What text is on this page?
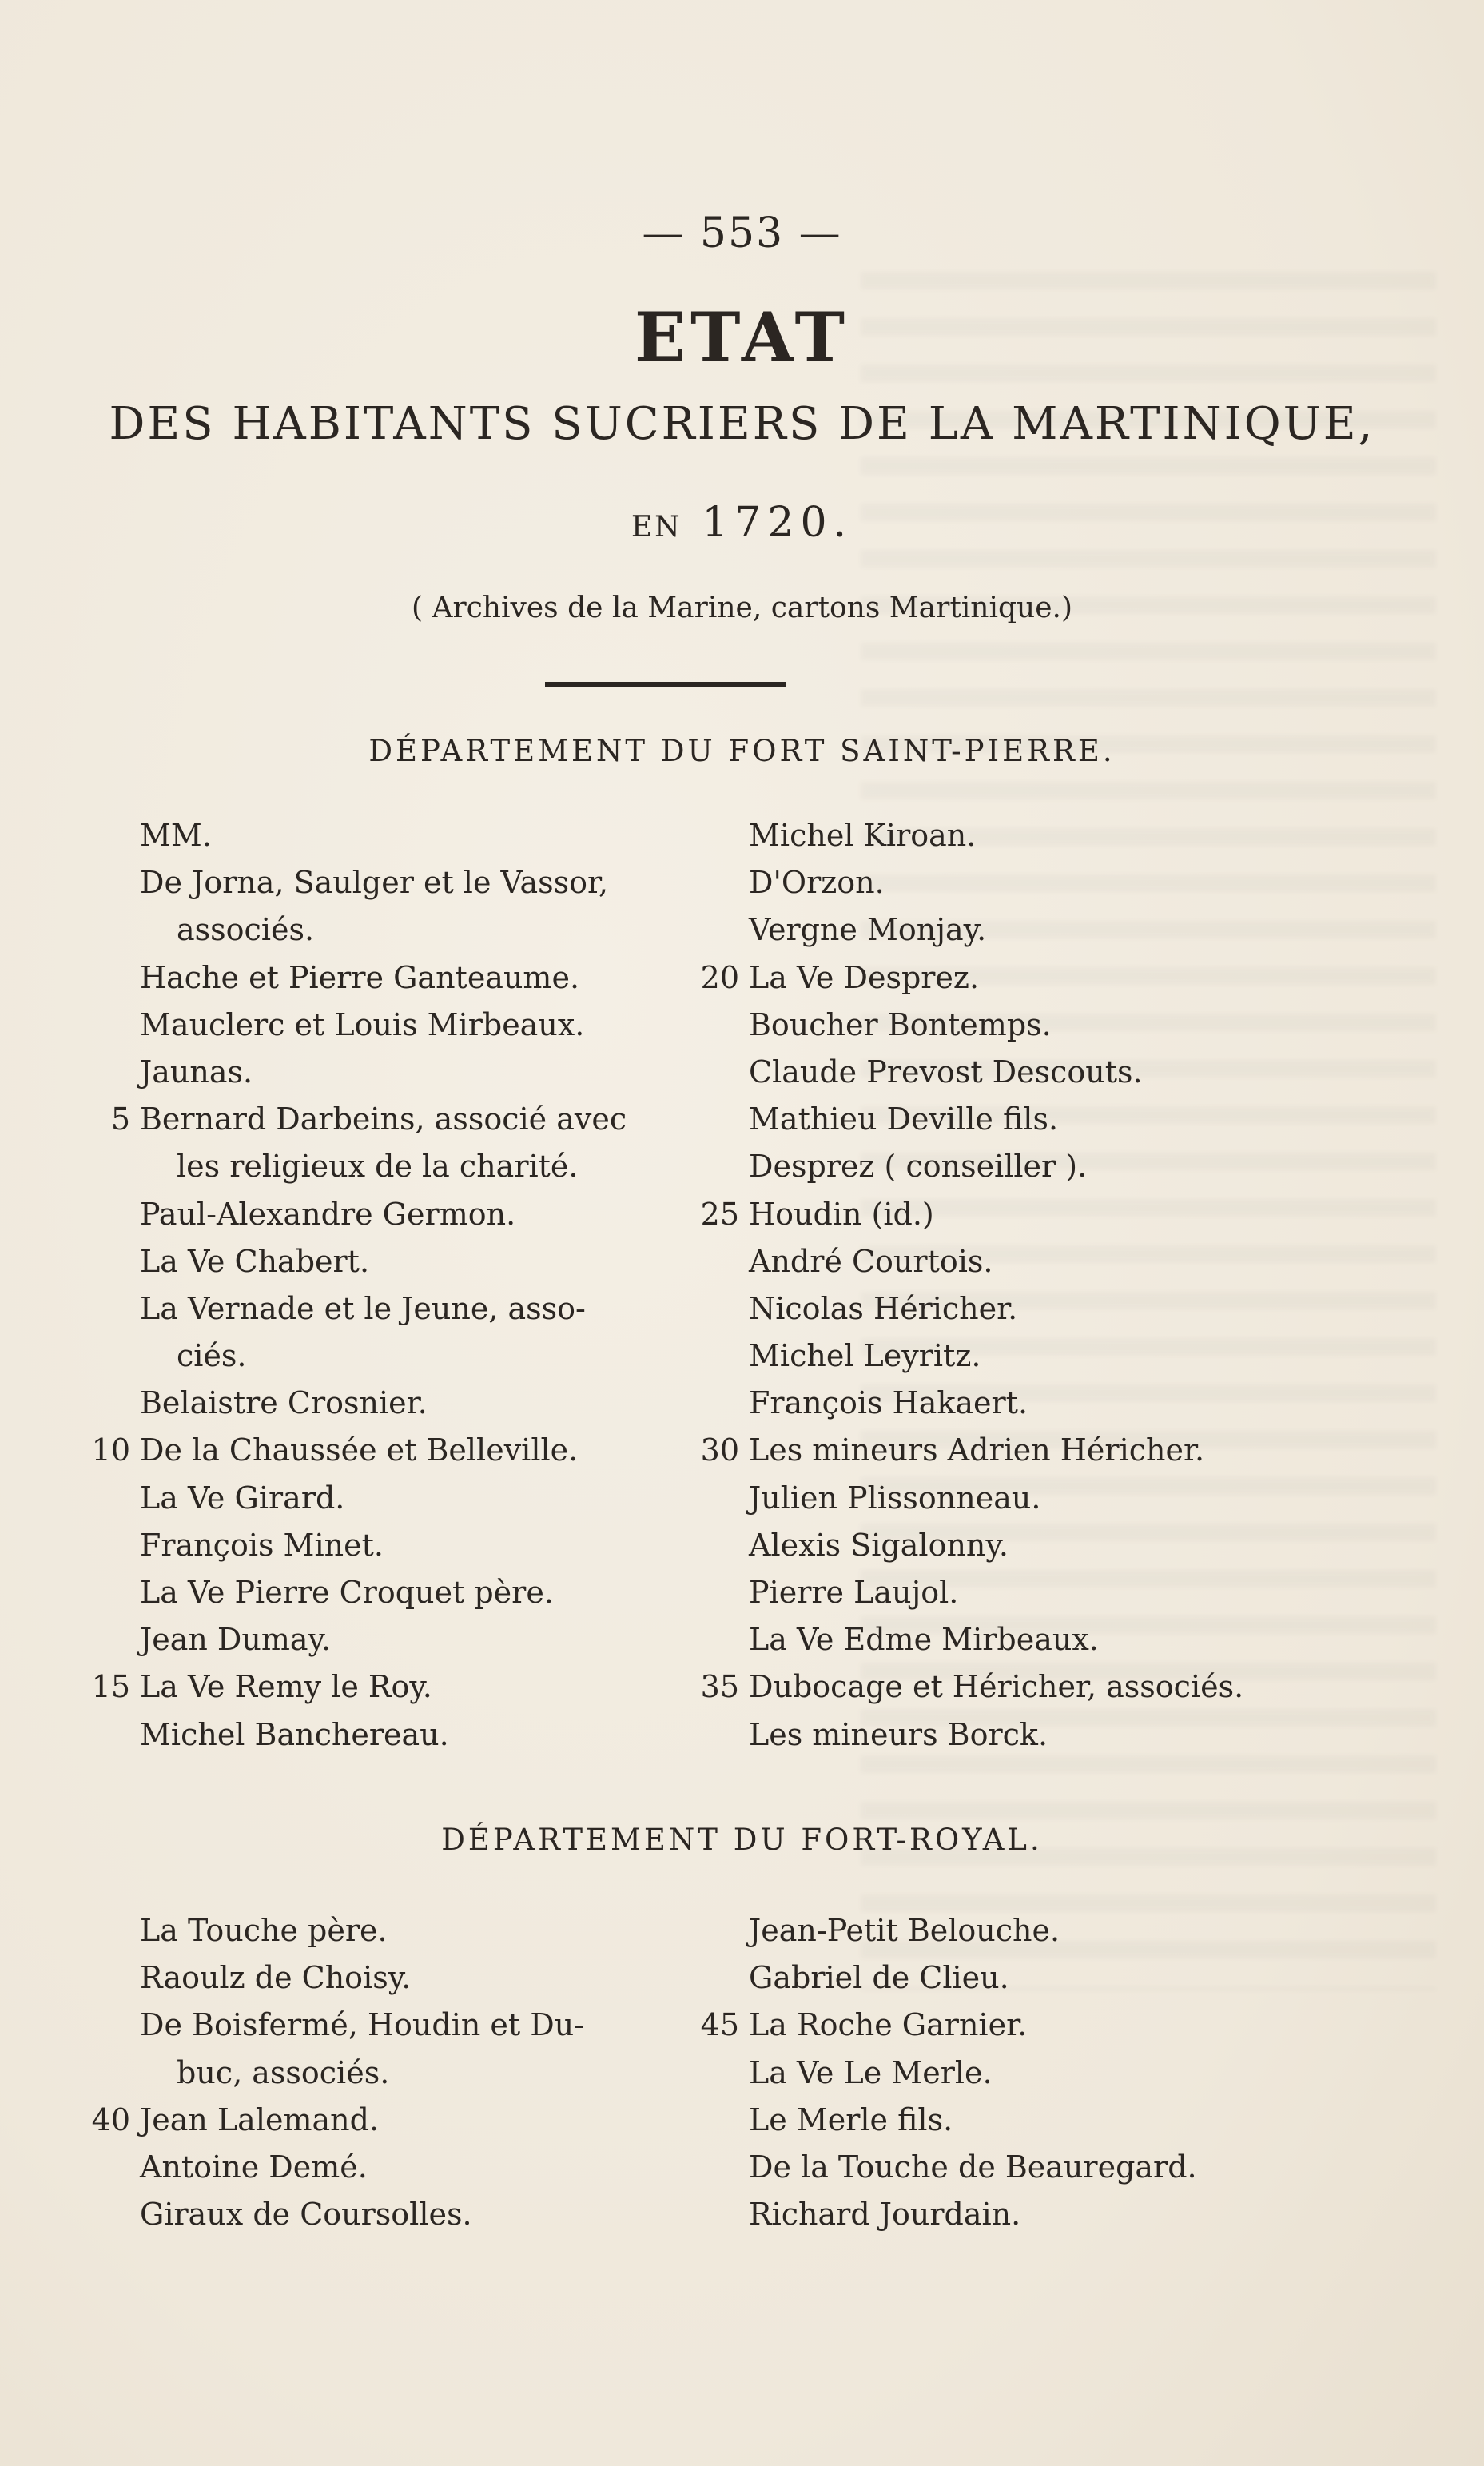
— 553 —
ETAT
DES HABITANTS SUCRIERS DE LA MARTINIQUE,
EN 1720.
( Archives de la Marine, cartons Martinique.)
DÉPARTEMENT DU FORT SAINT-PIERRE.
MM.
De Jorna, Saulger et le Vassor,
associés.
Hache et Pierre Ganteaume.
Mauclerc et Louis Mirbeaux.
Jaunas.
5 Bernard Darbeins, associé avec
les religieux de la charité.
Paul-Alexandre Germon.
La Ve Chabert.
La Vernade et le Jeune, asso-
ciés.
Belaistre Crosnier.
10 De la Chaussée et Belleville.
La Ve Girard.
François Minet.
La Ve Pierre Croquet père.
Jean Dumay.
15 La Ve Remy le Roy.
Michel Banchereau.
Michel Kiroan.
D'Orzon.
Vergne Monjay.
20 La Ve Desprez.
Boucher Bontemps.
Claude Prevost Descouts.
Mathieu Deville fils.
Desprez ( conseiller ).
25 Houdin (id.)
André Courtois.
Nicolas Héricher.
Michel Leyritz.
François Hakaert.
30 Les mineurs Adrien Héricher.
Julien Plissonneau.
Alexis Sigalonny.
Pierre Laujol.
La Ve Edme Mirbeaux.
35 Dubocage et Héricher, associés.
Les mineurs Borck.
DÉPARTEMENT DU FORT-ROYAL.
La Touche père.
Raoulz de Choisy.
De Boisfermé, Houdin et Du-
buc, associés.
40 Jean Lalemand.
Antoine Demé.
Giraux de Coursolles.
Jean-Petit Belouche.
Gabriel de Clieu.
45 La Roche Garnier.
La Ve Le Merle.
Le Merle fils.
De la Touche de Beauregard.
Richard Jourdain.
